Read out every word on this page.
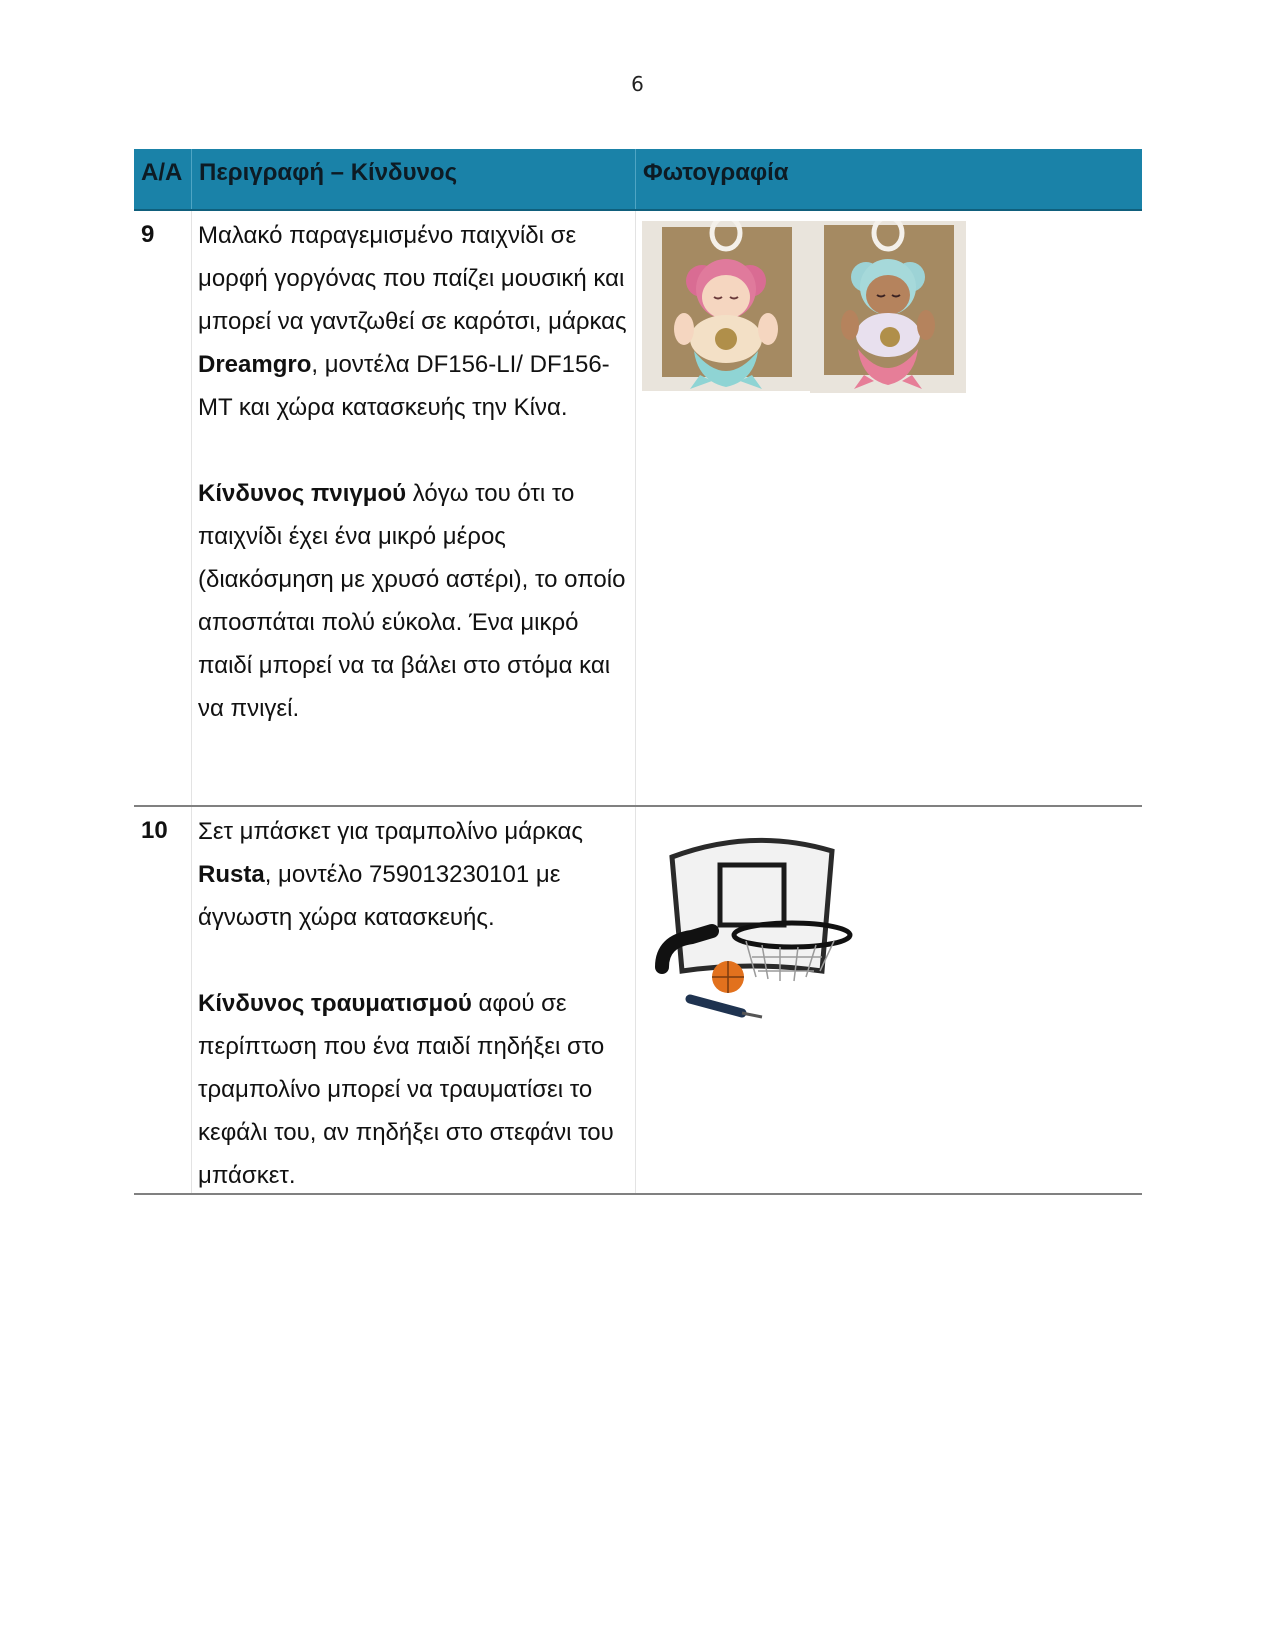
6
Α/Α Περιγραφή – Κίνδυνος	Φωτογραφία
9	Μαλακό παραγεμισμένο παιχνίδι σε μορφή γοργόνας που παίζει μουσική και μπορεί να γαντζωθεί σε καρότσι, μάρκας Dreamgro, μοντέλα DF156-LI/ DF156-MT και χώρα κατασκευής την Κίνα.

Κίνδυνος πνιγμού λόγω του ότι το παιχνίδι έχει ένα μικρό μέρος (διακόσμηση με χρυσό αστέρι), το οποίο αποσπάται πολύ εύκολα. Ένα μικρό παιδί μπορεί να τα βάλει στο στόμα και να πνιγεί.

10	Σετ μπάσκετ για τραμπολίνο μάρκας Rusta, μοντέλο 759013230101 με άγνωστη χώρα κατασκευής.

Κίνδυνος τραυματισμού αφού σε περίπτωση που ένα παιδί πηδήξει στο τραμπολίνο μπορεί να τραυματίσει το κεφάλι του, αν πηδήξει στο στεφάνι του μπάσκετ.
